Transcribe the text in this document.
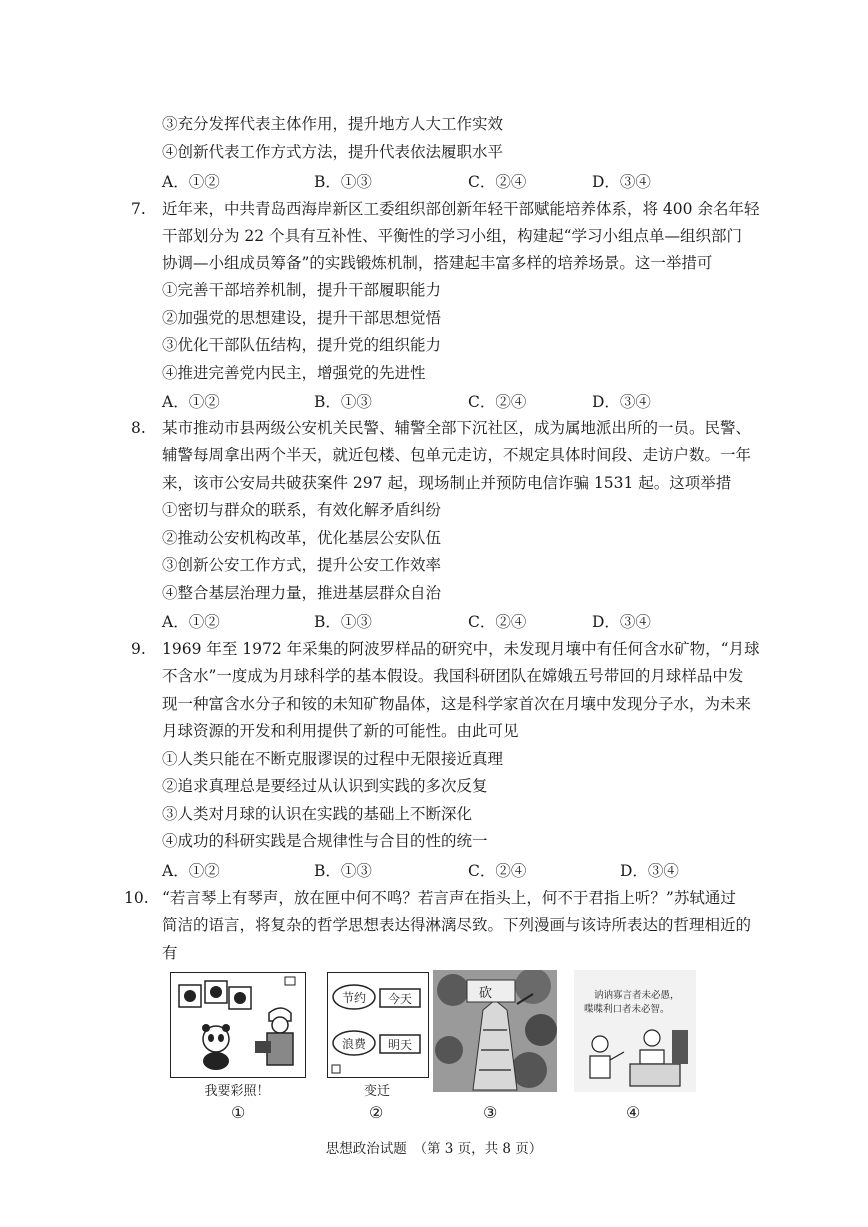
③充分发挥代表主体作用，提升地方人大工作实效
④创新代表工作方式方法，提升代表依法履职水平
A．①②	B．①③	C．②④	D．③④
7. 近年来，中共青岛西海岸新区工委组织部创新年轻干部赋能培养体系，将 400 余名年轻
干部划分为 22 个具有互补性、平衡性的学习小组，构建起“学习小组点单—组织部门
协调—小组成员筹备”的实践锻炼机制，搭建起丰富多样的培养场景。这一举措可
①完善干部培养机制，提升干部履职能力
②加强党的思想建设，提升干部思想觉悟
③优化干部队伍结构，提升党的组织能力
④推进完善党内民主，增强党的先进性
A．①②	B．①③	C．②④	D．③④
8. 某市推动市县两级公安机关民警、辅警全部下沉社区，成为属地派出所的一员。民警、
辅警每周拿出两个半天，就近包楼、包单元走访，不规定具体时间段、走访户数。一年
来，该市公安局共破获案件 297 起，现场制止并预防电信诈骗 1531 起。这项举措
①密切与群众的联系，有效化解矛盾纠纷
②推动公安机构改革，优化基层公安队伍
③创新公安工作方式，提升公安工作效率
④整合基层治理力量，推进基层群众自治
A．①②	B．①③	C．②④	D．③④
9. 1969 年至 1972 年采集的阿波罗样品的研究中，未发现月壤中有任何含水矿物，“月球
不含水”一度成为月球科学的基本假设。我国科研团队在嫦娥五号带回的月球样品中发
现一种富含水分子和铵的未知矿物晶体，这是科学家首次在月壤中发现分子水，为未来
月球资源的开发和利用提供了新的可能性。由此可见
①人类只能在不断克服谬误的过程中无限接近真理
②追求真理总是要经过从认识到实践的多次反复
③人类对月球的认识在实践的基础上不断深化
④成功的科研实践是合规律性与合目的性的统一
A．①②	B．①③	C．②④	D．③④
10. “若言琴上有琴声，放在匣中何不鸣？若言声在指头上，何不于君指上听？”苏轼通过
简洁的语言，将复杂的哲学思想表达得淋漓尽致。下列漫画与该诗所表达的哲理相近的
有
我要彩照！
①
节约 今天
浪费 明天
变迁
②
砍
③
讷讷寡言者未必愚，
喋喋利口者未必智。
④
思想政治试题　（第 3 页，共 8 页）
